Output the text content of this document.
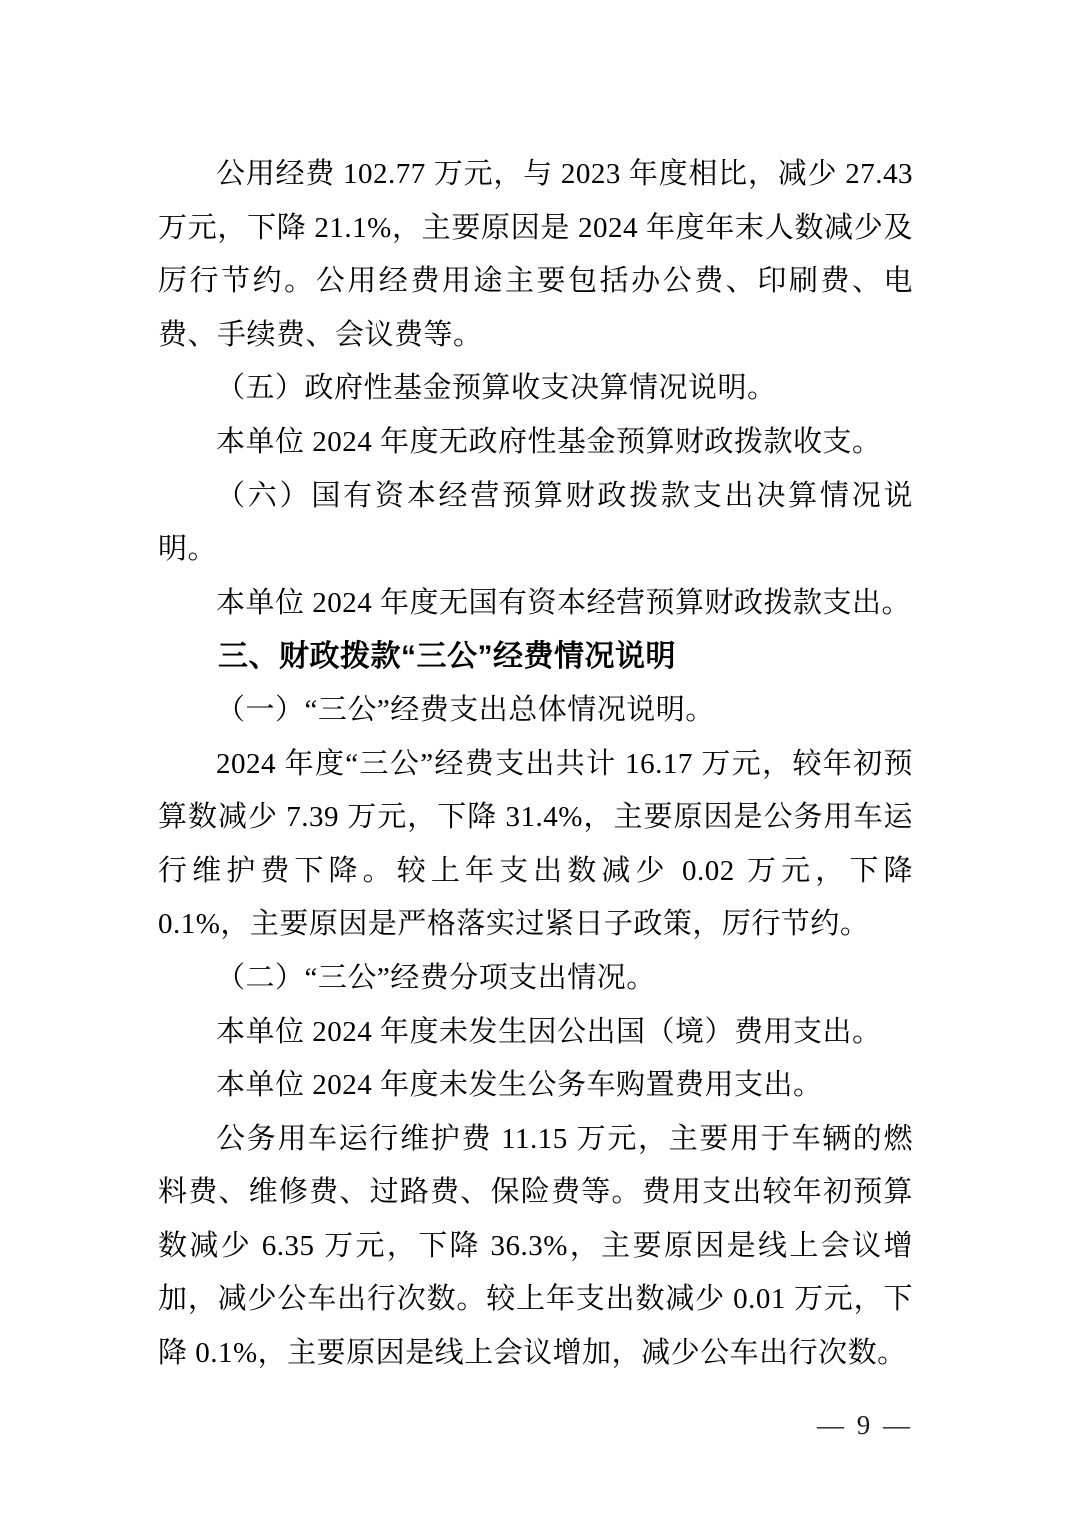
公用经费 102.77 万元，与 2023 年度相比，减少 27.43 万元，下降 21.1%，主要原因是 2024 年度年末人数减少及厉行节约。公用经费用途主要包括办公费、印刷费、电费、手续费、会议费等。

（五）政府性基金预算收支决算情况说明。

本单位 2024 年度无政府性基金预算财政拨款收支。

（六）国有资本经营预算财政拨款支出决算情况说明。

本单位 2024 年度无国有资本经营预算财政拨款支出。

三、财政拨款“三公”经费情况说明

（一）“三公”经费支出总体情况说明。

2024 年度“三公”经费支出共计 16.17 万元，较年初预算数减少 7.39 万元，下降 31.4%，主要原因是公务用车运行维护费下降。较上年支出数减少 0.02 万元，下降 0.1%，主要原因是严格落实过紧日子政策，厉行节约。

（二）“三公”经费分项支出情况。

本单位 2024 年度未发生因公出国（境）费用支出。

本单位 2024 年度未发生公务车购置费用支出。

公务用车运行维护费 11.15 万元，主要用于车辆的燃料费、维修费、过路费、保险费等。费用支出较年初预算数减少 6.35 万元，下降 36.3%，主要原因是线上会议增加，减少公车出行次数。较上年支出数减少 0.01 万元，下降 0.1%，主要原因是线上会议增加，减少公车出行次数。

— 9 —
